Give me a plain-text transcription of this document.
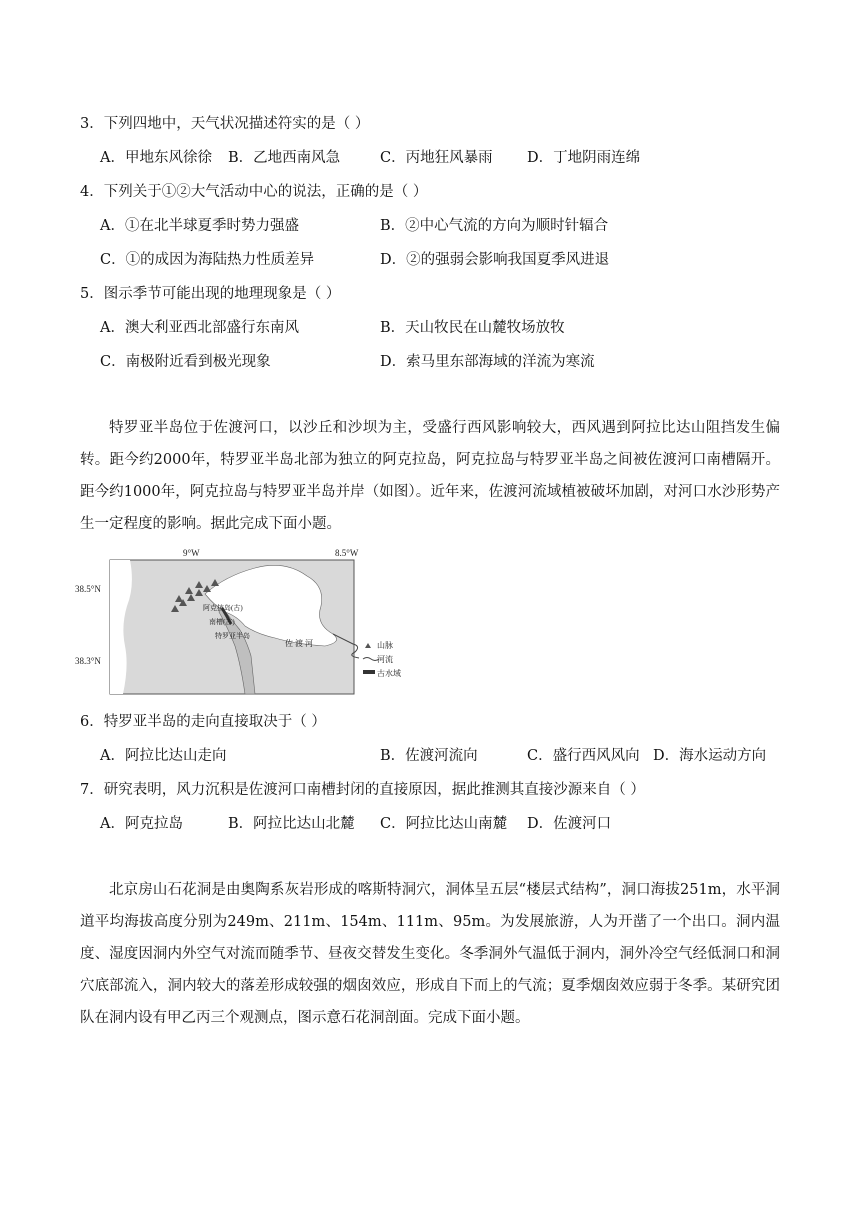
3．下列四地中，天气状况描述符实的是（ ）
A．甲地东风徐徐 B．乙地西南风急	C．丙地狂风暴雨 D．丁地阴雨连绵
4．下列关于①②大气活动中心的说法，正确的是（ ）
A．①在北半球夏季时势力强盛	B．②中心气流的方向为顺时针辐合
C．①的成因为海陆热力性质差异	D．②的强弱会影响我国夏季风进退
5．图示季节可能出现的地理现象是（ ）
A．澳大利亚西北部盛行东南风	B．天山牧民在山麓牧场放牧
C．南极附近看到极光现象	D．索马里东部海域的洋流为寒流

特罗亚半岛位于佐渡河口，以沙丘和沙坝为主，受盛行西风影响较大，西风遇到阿拉比达山阻挡发生偏转。距今约2000年，特罗亚半岛北部为独立的阿克拉岛，阿克拉岛与特罗亚半岛之间被佐渡河口南槽隔开。距今约1000年，阿克拉岛与特罗亚半岛并岸（如图）。近年来，佐渡河流域植被破坏加剧，对河口水沙形势产生一定程度的影响。据此完成下面小题。

9°W	8.5°W
38.5°N
38.3°N
阿克拉岛(古)
南槽(古)
特罗亚半岛
佐 渡 河	山脉
河流
古水域
6．特罗亚半岛的走向直接取决于（ ）
A．阿拉比达山走向	B．佐渡河流向	C．盛行西风风向 D．海水运动方向
7．研究表明，风力沉积是佐渡河口南槽封闭的直接原因，据此推测其直接沙源来自（ ）
A．阿克拉岛	B．阿拉比达山北麓 C．阿拉比达山南麓 D．佐渡河口

北京房山石花洞是由奥陶系灰岩形成的喀斯特洞穴，洞体呈五层“楼层式结构”，洞口海拔251m，水平洞道平均海拔高度分别为249m、211m、154m、111m、95m。为发展旅游，人为开凿了一个出口。洞内温度、湿度因洞内外空气对流而随季节、昼夜交替发生变化。冬季洞外气温低于洞内，洞外冷空气经低洞口和洞穴底部流入，洞内较大的落差形成较强的烟囱效应，形成自下而上的气流；夏季烟囱效应弱于冬季。某研究团队在洞内设有甲乙丙三个观测点，图示意石花洞剖面。完成下面小题。
